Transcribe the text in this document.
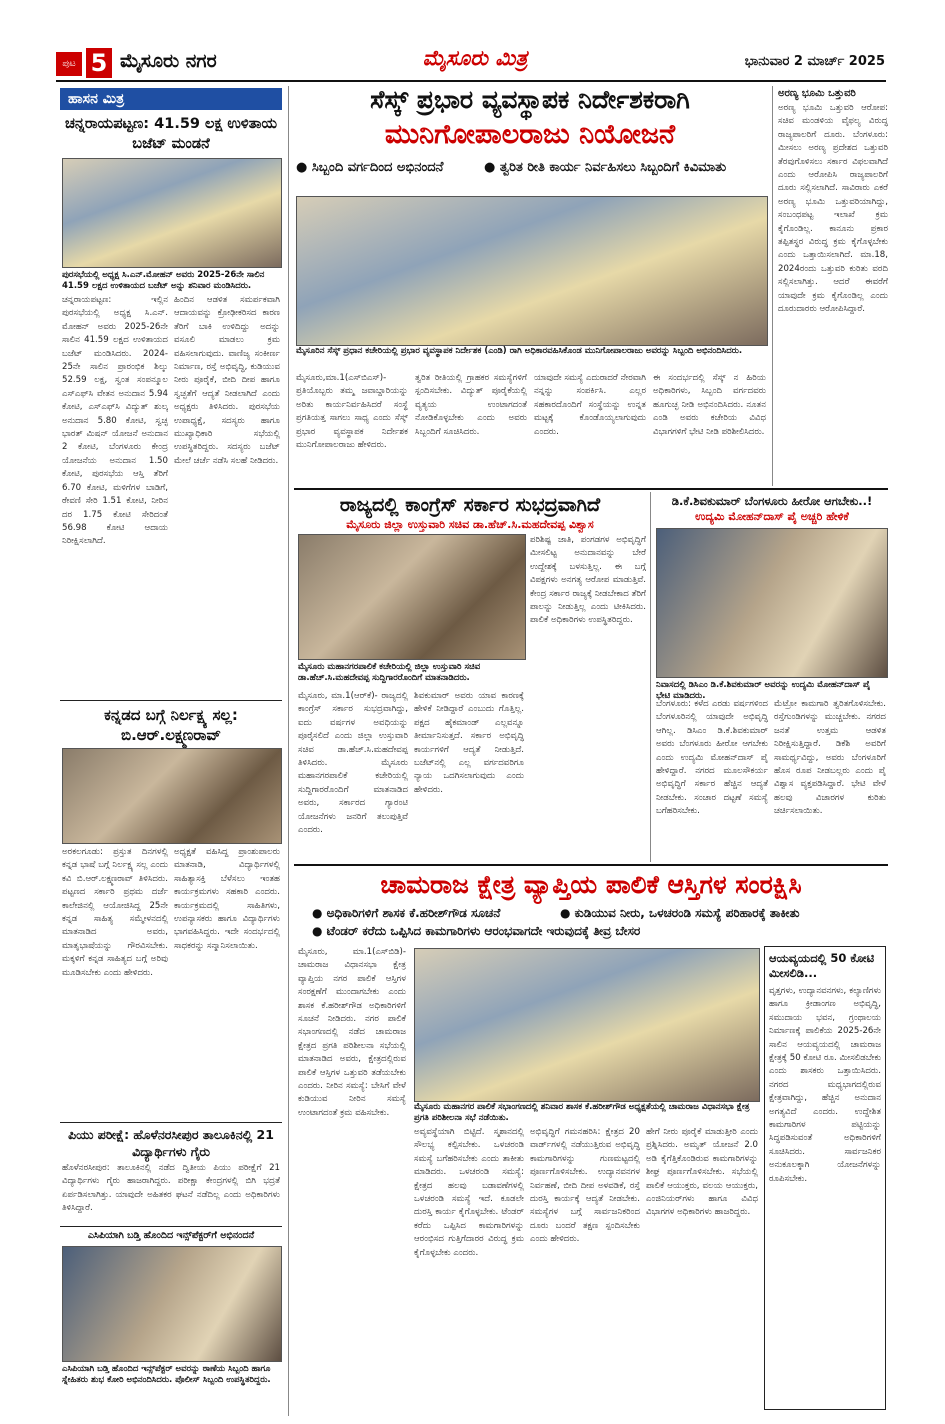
ಪುಟ 5 ಮೈಸೂರು ನಗರ	ಮೈಸೂರು ಮಿತ್ರ	ಭಾನುವಾರ 2 ಮಾರ್ಚ್ 2025
ಹಾಸನ ಮಿತ್ರ
ಚನ್ನರಾಯಪಟ್ಟಣ: 41.59 ಲಕ್ಷ ಉಳಿತಾಯ ಬಜೆಟ್ ಮಂಡನೆ
ಪುರಸಭೆಯಲ್ಲಿ ಅಧ್ಯಕ್ಷ ಸಿ.ಎನ್.ಮೋಹನ್ ಅವರು 2025-26ನೇ ಸಾಲಿನ 41.59 ಲಕ್ಷದ ಉಳಿತಾಯದ ಬಜೆಟ್ ಅನ್ನು ಶನಿವಾರ ಮಂಡಿಸಿದರು.
ಚನ್ನರಾಯಪಟ್ಟಣ: ಇಲ್ಲಿನ ಪುರಸಭೆಯಲ್ಲಿ ಅಧ್ಯಕ್ಷ ಸಿ.ಎನ್. ಮೋಹನ್ ಅವರು 2025-26ನೇ ಸಾಲಿನ 41.59 ಲಕ್ಷದ ಉಳಿತಾಯದ ಬಜೆಟ್ ಮಂಡಿಸಿದರು. 2024-25ನೇ ಸಾಲಿನ ಪ್ರಾರಂಭಿಕ ಶಿಲ್ಕು 52.59 ಲಕ್ಷ, ಸ್ವಂತ ಸಂಪನ್ಮೂಲ ಎಸ್‌ಎಫ್‌ಸಿ ವೇತನ ಅನುದಾನ 5.94 ಕೋಟಿ, ಎಸ್‌ಎಫ್‌ಸಿ ವಿದ್ಯುತ್ ಶುಲ್ಕ ಅನುದಾನ 5.80 ಕೋಟಿ, ಸ್ವಚ್ಛ ಭಾರತ್ ಮಿಷನ್ ಯೋಜನೆ ಅನುದಾನ 2 ಕೋಟಿ, ಬೆಂಗಳೂರು ಕೇಂದ್ರ ಯೋಜನೆಯ ಅನುದಾನ 1.50 ಕೋಟಿ, ಪುರಸಭೆಯ ಆಸ್ತಿ ತೆರಿಗೆ 6.70 ಕೋಟಿ, ಮಳಿಗೆಗಳ ಬಾಡಿಗೆ, ಠೇವಣಿ ಸೇರಿ 1.51 ಕೋಟಿ, ನೀರಿನ ದರ 1.75 ಕೋಟಿ ಸೇರಿದಂತೆ 56.98 ಕೋಟಿ ಆದಾಯ ನಿರೀಕ್ಷಿಸಲಾಗಿದೆ.
ಹಿಂದಿನ ಆಡಳಿತ ಸಮರ್ಪಕವಾಗಿ ಆದಾಯವನ್ನು ಕ್ರೋಢೀಕರಿಸದ ಕಾರಣ ತೆರಿಗೆ ಬಾಕಿ ಉಳಿದಿದ್ದು ಅದನ್ನು ವಸೂಲಿ ಮಾಡಲು ಕ್ರಮ ವಹಿಸಲಾಗುವುದು. ವಾಣಿಜ್ಯ ಸಂಕೀರ್ಣ ನಿರ್ಮಾಣ, ರಸ್ತೆ ಅಭಿವೃದ್ಧಿ, ಕುಡಿಯುವ ನೀರು ಪೂರೈಕೆ, ಬೀದಿ ದೀಪ ಹಾಗೂ ಸ್ವಚ್ಛತೆಗೆ ಆದ್ಯತೆ ನೀಡಲಾಗಿದೆ ಎಂದು ಅಧ್ಯಕ್ಷರು ತಿಳಿಸಿದರು. ಪುರಸಭೆಯ ಉಪಾಧ್ಯಕ್ಷೆ, ಸದಸ್ಯರು ಹಾಗೂ ಮುಖ್ಯಾಧಿಕಾರಿ ಸಭೆಯಲ್ಲಿ ಉಪಸ್ಥಿತರಿದ್ದರು. ಸದಸ್ಯರು ಬಜೆಟ್ ಮೇಲೆ ಚರ್ಚೆ ನಡೆಸಿ ಸಲಹೆ ನೀಡಿದರು.
ಕನ್ನಡದ ಬಗ್ಗೆ ನಿರ್ಲಕ್ಷ್ಯ ಸಲ್ಲ: ಬಿ.ಆರ್.ಲಕ್ಷ್ಮಣರಾವ್
ಅರಕಲಗೂಡು: ಪ್ರಸ್ತುತ ದಿನಗಳಲ್ಲಿ ಕನ್ನಡ ಭಾಷೆ ಬಗ್ಗೆ ನಿರ್ಲಕ್ಷ್ಯ ಸಲ್ಲ ಎಂದು ಕವಿ ಬಿ.ಆರ್.ಲಕ್ಷ್ಮಣರಾವ್ ತಿಳಿಸಿದರು. ಪಟ್ಟಣದ ಸರ್ಕಾರಿ ಪ್ರಥಮ ದರ್ಜೆ ಕಾಲೇಜಿನಲ್ಲಿ ಆಯೋಜಿಸಿದ್ದ 25ನೇ ಕನ್ನಡ ಸಾಹಿತ್ಯ ಸಮ್ಮೇಳನದಲ್ಲಿ ಮಾತನಾಡಿದ ಅವರು, ಮಾತೃಭಾಷೆಯನ್ನು ಗೌರವಿಸಬೇಕು. ಮಕ್ಕಳಿಗೆ ಕನ್ನಡ ಸಾಹಿತ್ಯದ ಬಗ್ಗೆ ಅರಿವು ಮೂಡಿಸಬೇಕು ಎಂದು ಹೇಳಿದರು.
ಅಧ್ಯಕ್ಷತೆ ವಹಿಸಿದ್ದ ಪ್ರಾಂಶುಪಾಲರು ಮಾತನಾಡಿ, ವಿದ್ಯಾರ್ಥಿಗಳಲ್ಲಿ ಸಾಹಿತ್ಯಾಸಕ್ತಿ ಬೆಳೆಸಲು ಇಂತಹ ಕಾರ್ಯಕ್ರಮಗಳು ಸಹಕಾರಿ ಎಂದರು. ಕಾರ್ಯಕ್ರಮದಲ್ಲಿ ಸಾಹಿತಿಗಳು, ಉಪನ್ಯಾಸಕರು ಹಾಗೂ ವಿದ್ಯಾರ್ಥಿಗಳು ಭಾಗವಹಿಸಿದ್ದರು. ಇದೇ ಸಂದರ್ಭದಲ್ಲಿ ಸಾಧಕರನ್ನು ಸನ್ಮಾನಿಸಲಾಯಿತು.
ಪಿಯು ಪರೀಕ್ಷೆ: ಹೊಳೆನರಸೀಪುರ ತಾಲೂಕಿನಲ್ಲಿ 21 ವಿದ್ಯಾರ್ಥಿಗಳು ಗೈರು
ಹೊಳೆನರಸೀಪುರ: ತಾಲೂಕಿನಲ್ಲಿ ನಡೆದ ದ್ವಿತೀಯ ಪಿಯು ಪರೀಕ್ಷೆಗೆ 21 ವಿದ್ಯಾರ್ಥಿಗಳು ಗೈರು ಹಾಜರಾಗಿದ್ದರು. ಪರೀಕ್ಷಾ ಕೇಂದ್ರಗಳಲ್ಲಿ ಬಿಗಿ ಭದ್ರತೆ ಏರ್ಪಡಿಸಲಾಗಿತ್ತು. ಯಾವುದೇ ಅಹಿತಕರ ಘಟನೆ ನಡೆದಿಲ್ಲ ಎಂದು ಅಧಿಕಾರಿಗಳು ತಿಳಿಸಿದ್ದಾರೆ.
ಎಸಿಪಿಯಾಗಿ ಬಡ್ತಿ ಹೊಂದಿದ ಇನ್ಸ್‌ಪೆಕ್ಟರ್‌ಗೆ ಅಭಿನಂದನೆ
ಎಸಿಪಿಯಾಗಿ ಬಡ್ತಿ ಹೊಂದಿದ ಇನ್ಸ್‌ಪೆಕ್ಟರ್ ಅವರನ್ನು ಠಾಣೆಯ ಸಿಬ್ಬಂದಿ ಹಾಗೂ ಸ್ನೇಹಿತರು ಶುಭ ಕೋರಿ ಅಭಿನಂದಿಸಿದರು. ಪೊಲೀಸ್ ಸಿಬ್ಬಂದಿ ಉಪಸ್ಥಿತರಿದ್ದರು.
ಸೆಸ್ಕ್ ಪ್ರಭಾರ ವ್ಯವಸ್ಥಾಪಕ ನಿರ್ದೇಶಕರಾಗಿ
ಮುನಿಗೋಪಾಲರಾಜು ನಿಯೋಜನೆ
● ಸಿಬ್ಬಂದಿ ವರ್ಗದಿಂದ ಅಭಿನಂದನೆ	● ತ್ವರಿತ ರೀತಿ ಕಾರ್ಯ ನಿರ್ವಹಿಸಲು ಸಿಬ್ಬಂದಿಗೆ ಕಿವಿಮಾತು
ಮೈಸೂರಿನ ಸೆಸ್ಕ್ ಪ್ರಧಾನ ಕಚೇರಿಯಲ್ಲಿ ಪ್ರಭಾರ ವ್ಯವಸ್ಥಾಪಕ ನಿರ್ದೇಶಕ (ಎಂಡಿ) ರಾಗಿ ಅಧಿಕಾರವಹಿಸಿಕೊಂಡ ಮುನಿಗೋಪಾಲರಾಜು ಅವರನ್ನು ಸಿಬ್ಬಂದಿ ಅಭಿನಂದಿಸಿದರು.
ಮೈಸೂರು,ಮಾ.1(ಎಸ್‌ಬಿಎಸ್)-ಪ್ರತಿಯೊಬ್ಬರು ತಮ್ಮ ಜವಾಬ್ದಾರಿಯನ್ನು ಅರಿತು ಕಾರ್ಯನಿರ್ವಹಿಸಿದರೆ ಸಂಸ್ಥೆ ಪ್ರಗತಿಯತ್ತ ಸಾಗಲು ಸಾಧ್ಯ ಎಂದು ಸೆಸ್ಕ್ ಪ್ರಭಾರ ವ್ಯವಸ್ಥಾಪಕ ನಿರ್ದೇಶಕ ಮುನಿಗೋಪಾಲರಾಜು ಹೇಳಿದರು.
ತ್ವರಿತ ರೀತಿಯಲ್ಲಿ ಗ್ರಾಹಕರ ಸಮಸ್ಯೆಗಳಿಗೆ ಸ್ಪಂದಿಸಬೇಕು. ವಿದ್ಯುತ್ ಪೂರೈಕೆಯಲ್ಲಿ ವ್ಯತ್ಯಯ ಉಂಟಾಗದಂತೆ ನೋಡಿಕೊಳ್ಳಬೇಕು ಎಂದು ಅವರು ಸಿಬ್ಬಂದಿಗೆ ಸೂಚಿಸಿದರು.
ಯಾವುದೇ ಸಮಸ್ಯೆ ಎದುರಾದರೆ ನೇರವಾಗಿ ನನ್ನನ್ನು ಸಂಪರ್ಕಿಸಿ. ಎಲ್ಲರ ಸಹಕಾರದೊಂದಿಗೆ ಸಂಸ್ಥೆಯನ್ನು ಉನ್ನತ ಮಟ್ಟಕ್ಕೆ ಕೊಂಡೊಯ್ಯಲಾಗುವುದು ಎಂದರು.
ಈ ಸಂದರ್ಭದಲ್ಲಿ ಸೆಸ್ಕ್ ನ ಹಿರಿಯ ಅಧಿಕಾರಿಗಳು, ಸಿಬ್ಬಂದಿ ವರ್ಗದವರು ಹೂಗುಚ್ಛ ನೀಡಿ ಅಭಿನಂದಿಸಿದರು. ನೂತನ ಎಂಡಿ ಅವರು ಕಚೇರಿಯ ವಿವಿಧ ವಿಭಾಗಗಳಿಗೆ ಭೇಟಿ ನೀಡಿ ಪರಿಶೀಲಿಸಿದರು.
ಅರಣ್ಯ ಭೂಮಿ ಒತ್ತುವರಿ
ಅರಣ್ಯ ಭೂಮಿ ಒತ್ತುವರಿ ಆರೋಪ: ಸಚಿವ ಮಂಡಳಿಯ ವೈಫಲ್ಯ ವಿರುದ್ಧ ರಾಜ್ಯಪಾಲರಿಗೆ ದೂರು. ಬೆಂಗಳೂರು: ಮೀಸಲು ಅರಣ್ಯ ಪ್ರದೇಶದ ಒತ್ತುವರಿ ತೆರವುಗೊಳಿಸಲು ಸರ್ಕಾರ ವಿಫಲವಾಗಿದೆ ಎಂದು ಆರೋಪಿಸಿ ರಾಜ್ಯಪಾಲರಿಗೆ ದೂರು ಸಲ್ಲಿಸಲಾಗಿದೆ. ಸಾವಿರಾರು ಎಕರೆ ಅರಣ್ಯ ಭೂಮಿ ಒತ್ತುವರಿಯಾಗಿದ್ದು, ಸಂಬಂಧಪಟ್ಟ ಇಲಾಖೆ ಕ್ರಮ ಕೈಗೊಂಡಿಲ್ಲ. ಕಾನೂನು ಪ್ರಕಾರ ತಪ್ಪಿತಸ್ಥರ ವಿರುದ್ಧ ಕ್ರಮ ಕೈಗೊಳ್ಳಬೇಕು ಎಂದು ಒತ್ತಾಯಿಸಲಾಗಿದೆ. ಮಾ.18, 2024ರಂದು ಒತ್ತುವರಿ ಕುರಿತು ವರದಿ ಸಲ್ಲಿಸಲಾಗಿತ್ತು. ಆದರೆ ಈವರೆಗೆ ಯಾವುದೇ ಕ್ರಮ ಕೈಗೊಂಡಿಲ್ಲ ಎಂದು ದೂರುದಾರರು ಆರೋಪಿಸಿದ್ದಾರೆ.
ರಾಜ್ಯದಲ್ಲಿ ಕಾಂಗ್ರೆಸ್ ಸರ್ಕಾರ ಸುಭದ್ರವಾಗಿದೆ
ಮೈಸೂರು ಜಿಲ್ಲಾ ಉಸ್ತುವಾರಿ ಸಚಿವ ಡಾ.ಹೆಚ್.ಸಿ.ಮಹದೇವಪ್ಪ ವಿಶ್ವಾಸ
ಮೈಸೂರು ಮಹಾನಗರಪಾಲಿಕೆ ಕಚೇರಿಯಲ್ಲಿ ಜಿಲ್ಲಾ ಉಸ್ತುವಾರಿ ಸಚಿವ ಡಾ.ಹೆಚ್.ಸಿ.ಮಹದೇವಪ್ಪ ಸುದ್ದಿಗಾರರೊಂದಿಗೆ ಮಾತನಾಡಿದರು.
ಮೈಸೂರು, ಮಾ.1(ಆರ್‌ಕೆ)- ರಾಜ್ಯದಲ್ಲಿ ಕಾಂಗ್ರೆಸ್ ಸರ್ಕಾರ ಸುಭದ್ರವಾಗಿದ್ದು, ಐದು ವರ್ಷಗಳ ಅವಧಿಯನ್ನು ಪೂರೈಸಲಿದೆ ಎಂದು ಜಿಲ್ಲಾ ಉಸ್ತುವಾರಿ ಸಚಿವ ಡಾ.ಹೆಚ್.ಸಿ.ಮಹದೇವಪ್ಪ ತಿಳಿಸಿದರು. ಮೈಸೂರು ಮಹಾನಗರಪಾಲಿಕೆ ಕಚೇರಿಯಲ್ಲಿ ಸುದ್ದಿಗಾರರೊಂದಿಗೆ ಮಾತನಾಡಿದ ಅವರು, ಸರ್ಕಾರದ ಗ್ಯಾರಂಟಿ ಯೋಜನೆಗಳು ಜನರಿಗೆ ತಲುಪುತ್ತಿವೆ ಎಂದರು.
ಶಿವಕುಮಾರ್ ಅವರು ಯಾವ ಕಾರಣಕ್ಕೆ ಹೇಳಿಕೆ ನೀಡಿದ್ದಾರೆ ಎಂಬುದು ಗೊತ್ತಿಲ್ಲ. ಪಕ್ಷದ ಹೈಕಮಾಂಡ್ ಎಲ್ಲವನ್ನೂ ತೀರ್ಮಾನಿಸುತ್ತದೆ. ಸರ್ಕಾರ ಅಭಿವೃದ್ಧಿ ಕಾರ್ಯಗಳಿಗೆ ಆದ್ಯತೆ ನೀಡುತ್ತಿದೆ. ಬಜೆಟ್‌ನಲ್ಲಿ ಎಲ್ಲ ವರ್ಗದವರಿಗೂ ನ್ಯಾಯ ಒದಗಿಸಲಾಗುವುದು ಎಂದು ಹೇಳಿದರು.
ಪರಿಶಿಷ್ಟ ಜಾತಿ, ಪಂಗಡಗಳ ಅಭಿವೃದ್ಧಿಗೆ ಮೀಸಲಿಟ್ಟ ಅನುದಾನವನ್ನು ಬೇರೆ ಉದ್ದೇಶಕ್ಕೆ ಬಳಸುತ್ತಿಲ್ಲ. ಈ ಬಗ್ಗೆ ವಿಪಕ್ಷಗಳು ಅನಗತ್ಯ ಆರೋಪ ಮಾಡುತ್ತಿವೆ. ಕೇಂದ್ರ ಸರ್ಕಾರ ರಾಜ್ಯಕ್ಕೆ ನೀಡಬೇಕಾದ ತೆರಿಗೆ ಪಾಲನ್ನು ನೀಡುತ್ತಿಲ್ಲ ಎಂದು ಟೀಕಿಸಿದರು. ಪಾಲಿಕೆ ಅಧಿಕಾರಿಗಳು ಉಪಸ್ಥಿತರಿದ್ದರು.
ಡಿ.ಕೆ.ಶಿವಕುಮಾರ್ ಬೆಂಗಳೂರು ಹೀರೋ ಆಗಬೇಕು..!
ಉದ್ಯಮಿ ಮೋಹನ್‌ದಾಸ್ ಪೈ ಅಚ್ಚರಿ ಹೇಳಿಕೆ
ನಿವಾಸದಲ್ಲಿ ಡಿಸಿಎಂ ಡಿ.ಕೆ.ಶಿವಕುಮಾರ್ ಅವರನ್ನು ಉದ್ಯಮಿ ಮೋಹನ್‌ದಾಸ್ ಪೈ ಭೇಟಿ ಮಾಡಿದರು.
ಬೆಂಗಳೂರು: ಕಳೆದ ಎರಡು ವರ್ಷಗಳಿಂದ ಬೆಂಗಳೂರಿನಲ್ಲಿ ಯಾವುದೇ ಅಭಿವೃದ್ಧಿ ಆಗಿಲ್ಲ. ಡಿಸಿಎಂ ಡಿ.ಕೆ.ಶಿವಕುಮಾರ್ ಅವರು ಬೆಂಗಳೂರು ಹೀರೋ ಆಗಬೇಕು ಎಂದು ಉದ್ಯಮಿ ಮೋಹನ್‌ದಾಸ್ ಪೈ ಹೇಳಿದ್ದಾರೆ. ನಗರದ ಮೂಲಸೌಕರ್ಯ ಅಭಿವೃದ್ಧಿಗೆ ಸರ್ಕಾರ ಹೆಚ್ಚಿನ ಆದ್ಯತೆ ನೀಡಬೇಕು. ಸಂಚಾರ ದಟ್ಟಣೆ ಸಮಸ್ಯೆ ಬಗೆಹರಿಸಬೇಕು.
ಮೆಟ್ರೋ ಕಾಮಗಾರಿ ತ್ವರಿತಗೊಳಿಸಬೇಕು. ರಸ್ತೆಗುಂಡಿಗಳನ್ನು ಮುಚ್ಚಬೇಕು. ನಗರದ ಜನತೆ ಉತ್ತಮ ಆಡಳಿತ ನಿರೀಕ್ಷಿಸುತ್ತಿದ್ದಾರೆ. ಡಿಕೆಶಿ ಅವರಿಗೆ ಸಾಮರ್ಥ್ಯವಿದ್ದು, ಅವರು ಬೆಂಗಳೂರಿಗೆ ಹೊಸ ರೂಪ ನೀಡಬಲ್ಲರು ಎಂದು ಪೈ ವಿಶ್ವಾಸ ವ್ಯಕ್ತಪಡಿಸಿದ್ದಾರೆ. ಭೇಟಿ ವೇಳೆ ಹಲವು ವಿಚಾರಗಳ ಕುರಿತು ಚರ್ಚಿಸಲಾಯಿತು.
ಚಾಮರಾಜ ಕ್ಷೇತ್ರ ವ್ಯಾಪ್ತಿಯ ಪಾಲಿಕೆ ಆಸ್ತಿಗಳ ಸಂರಕ್ಷಿಸಿ
● ಅಧಿಕಾರಿಗಳಿಗೆ ಶಾಸಕ ಕೆ.ಹರೀಶ್‌ಗೌಡ ಸೂಚನೆ	● ಕುಡಿಯುವ ನೀರು, ಒಳಚರಂಡಿ ಸಮಸ್ಯೆ ಪರಿಹಾರಕ್ಕೆ ತಾಕೀತು
● ಟೆಂಡರ್ ಕರೆದು ಒಪ್ಪಿಸಿದ ಕಾಮಗಾರಿಗಳು ಆರಂಭವಾಗದೇ ಇರುವುದಕ್ಕೆ ತೀವ್ರ ಬೇಸರ
ಮೈಸೂರು, ಮಾ.1(ಎಸ್‌ಬಿಡಿ)- ಚಾಮರಾಜ ವಿಧಾನಸಭಾ ಕ್ಷೇತ್ರ ವ್ಯಾಪ್ತಿಯ ನಗರ ಪಾಲಿಕೆ ಆಸ್ತಿಗಳ ಸಂರಕ್ಷಣೆಗೆ ಮುಂದಾಗಬೇಕು ಎಂದು ಶಾಸಕ ಕೆ.ಹರೀಶ್‌ಗೌಡ ಅಧಿಕಾರಿಗಳಿಗೆ ಸೂಚನೆ ನೀಡಿದರು. ನಗರ ಪಾಲಿಕೆ ಸಭಾಂಗಣದಲ್ಲಿ ನಡೆದ ಚಾಮರಾಜ ಕ್ಷೇತ್ರದ ಪ್ರಗತಿ ಪರಿಶೀಲನಾ ಸಭೆಯಲ್ಲಿ ಮಾತನಾಡಿದ ಅವರು, ಕ್ಷೇತ್ರದಲ್ಲಿರುವ ಪಾಲಿಕೆ ಆಸ್ತಿಗಳ ಒತ್ತುವರಿ ತಡೆಯಬೇಕು ಎಂದರು. ನೀರಿನ ಸಮಸ್ಯೆ: ಬೇಸಿಗೆ ವೇಳೆ ಕುಡಿಯುವ ನೀರಿನ ಸಮಸ್ಯೆ ಉಂಟಾಗದಂತೆ ಕ್ರಮ ವಹಿಸಬೇಕು.
ಮೈಸೂರು ಮಹಾನಗರ ಪಾಲಿಕೆ ಸಭಾಂಗಣದಲ್ಲಿ ಶನಿವಾರ ಶಾಸಕ ಕೆ.ಹರೀಶ್‌ಗೌಡ ಅಧ್ಯಕ್ಷತೆಯಲ್ಲಿ ಚಾಮರಾಜ ವಿಧಾನಸಭಾ ಕ್ಷೇತ್ರ ಪ್ರಗತಿ ಪರಿಶೀಲನಾ ಸಭೆ ನಡೆಯಿತು.
ಅವ್ಯವಸ್ಥೆಯಾಗಿ ಬಿಟ್ಟಿದೆ. ಸ್ಮಶಾನದಲ್ಲಿ ಸೌಲಭ್ಯ ಕಲ್ಪಿಸಬೇಕು. ಒಳಚರಂಡಿ ಸಮಸ್ಯೆ ಬಗೆಹರಿಸಬೇಕು ಎಂದು ತಾಕೀತು ಮಾಡಿದರು. ಒಳಚರಂಡಿ ಸಮಸ್ಯೆ: ಕ್ಷೇತ್ರದ ಹಲವು ಬಡಾವಣೆಗಳಲ್ಲಿ ಒಳಚರಂಡಿ ಸಮಸ್ಯೆ ಇದೆ. ಕೂಡಲೇ ದುರಸ್ತಿ ಕಾರ್ಯ ಕೈಗೊಳ್ಳಬೇಕು. ಟೆಂಡರ್ ಕರೆದು ಒಪ್ಪಿಸಿದ ಕಾಮಗಾರಿಗಳನ್ನು ಆರಂಭಿಸದ ಗುತ್ತಿಗೆದಾರರ ವಿರುದ್ಧ ಕ್ರಮ ಕೈಗೊಳ್ಳಬೇಕು ಎಂದರು.
ಅಭಿವೃದ್ಧಿಗೆ ಗಮನಹರಿಸಿ: ಕ್ಷೇತ್ರದ 20 ವಾರ್ಡ್‌ಗಳಲ್ಲಿ ನಡೆಯುತ್ತಿರುವ ಅಭಿವೃದ್ಧಿ ಕಾಮಗಾರಿಗಳನ್ನು ಗುಣಮಟ್ಟದಲ್ಲಿ ಪೂರ್ಣಗೊಳಿಸಬೇಕು. ಉದ್ಯಾನವನಗಳ ನಿರ್ವಹಣೆ, ಬೀದಿ ದೀಪ ಅಳವಡಿಕೆ, ರಸ್ತೆ ದುರಸ್ತಿ ಕಾರ್ಯಕ್ಕೆ ಆದ್ಯತೆ ನೀಡಬೇಕು. ಸಮಸ್ಯೆಗಳ ಬಗ್ಗೆ ಸಾರ್ವಜನಿಕರಿಂದ ದೂರು ಬಂದರೆ ತಕ್ಷಣ ಸ್ಪಂದಿಸಬೇಕು ಎಂದು ಹೇಳಿದರು.
ಹೇಗೆ ನೀರು ಪೂರೈಕೆ ಮಾಡುತ್ತೀರಿ ಎಂದು ಪ್ರಶ್ನಿಸಿದರು. ಅಮೃತ್ ಯೋಜನೆ 2.0 ಅಡಿ ಕೈಗೆತ್ತಿಕೊಂಡಿರುವ ಕಾಮಗಾರಿಗಳನ್ನು ಶೀಘ್ರ ಪೂರ್ಣಗೊಳಿಸಬೇಕು. ಸಭೆಯಲ್ಲಿ ಪಾಲಿಕೆ ಆಯುಕ್ತರು, ವಲಯ ಆಯುಕ್ತರು, ಎಂಜಿನಿಯರ್‌ಗಳು ಹಾಗೂ ವಿವಿಧ ವಿಭಾಗಗಳ ಅಧಿಕಾರಿಗಳು ಹಾಜರಿದ್ದರು.
ಆಯವ್ಯಯದಲ್ಲಿ 50 ಕೋಟಿ ಮೀಸಲಿಡಿ...
ವೃತ್ತಗಳು, ಉದ್ಯಾನವನಗಳು, ಕಲ್ಯಾಣಿಗಳು ಹಾಗೂ ಕ್ರೀಡಾಂಗಣ ಅಭಿವೃದ್ಧಿ, ಸಮುದಾಯ ಭವನ, ಗ್ರಂಥಾಲಯ ನಿರ್ಮಾಣಕ್ಕೆ ಪಾಲಿಕೆಯ 2025-26ನೇ ಸಾಲಿನ ಆಯವ್ಯಯದಲ್ಲಿ ಚಾಮರಾಜ ಕ್ಷೇತ್ರಕ್ಕೆ 50 ಕೋಟಿ ರೂ. ಮೀಸಲಿಡಬೇಕು ಎಂದು ಶಾಸಕರು ಒತ್ತಾಯಿಸಿದರು. ನಗರದ ಮಧ್ಯಭಾಗದಲ್ಲಿರುವ ಕ್ಷೇತ್ರವಾಗಿದ್ದು, ಹೆಚ್ಚಿನ ಅನುದಾನ ಅಗತ್ಯವಿದೆ ಎಂದರು. ಉದ್ದೇಶಿತ ಕಾಮಗಾರಿಗಳ ಪಟ್ಟಿಯನ್ನು ಸಿದ್ಧಪಡಿಸುವಂತೆ ಅಧಿಕಾರಿಗಳಿಗೆ ಸೂಚಿಸಿದರು. ಸಾರ್ವಜನಿಕರ ಅನುಕೂಲಕ್ಕಾಗಿ ಯೋಜನೆಗಳನ್ನು ರೂಪಿಸಬೇಕು.
